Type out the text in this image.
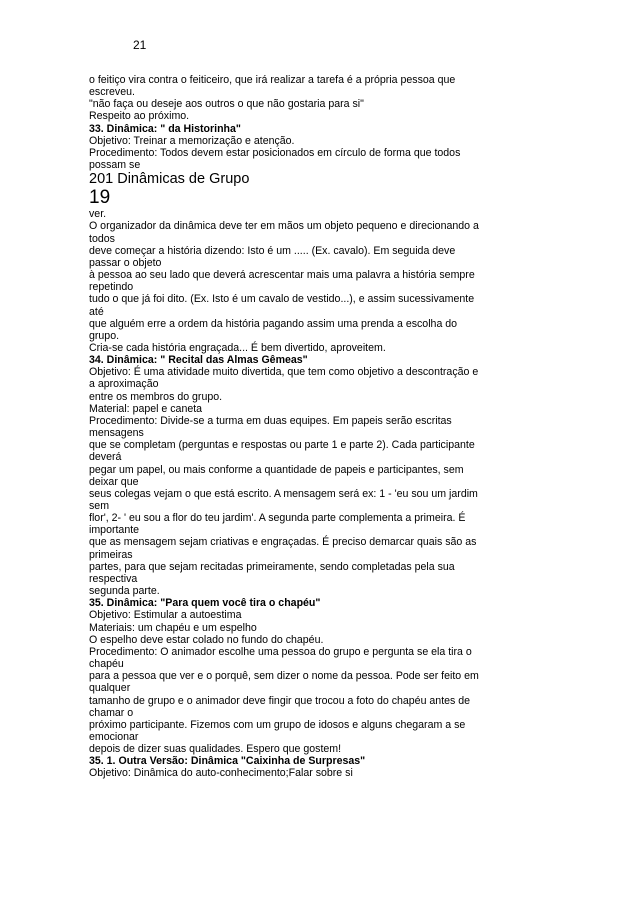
21
o feitiço vira contra o feiticeiro, que irá realizar a tarefa é a própria pessoa que
escreveu.
"não faça ou deseje aos outros o que não gostaria para si"
Respeito ao próximo.
33. Dinâmica: " da Historinha"
Objetivo: Treinar a memorização e atenção.
Procedimento: Todos devem estar posicionados em círculo de forma que todos
possam se
201 Dinâmicas de Grupo
19
ver.
O organizador da dinâmica deve ter em mãos um objeto pequeno e direcionando a
todos
deve começar a história dizendo: Isto é um ..... (Ex. cavalo). Em seguida deve
passar o objeto
à pessoa ao seu lado que deverá acrescentar mais uma palavra a história sempre
repetindo
tudo o que já foi dito. (Ex. Isto é um cavalo de vestido...), e assim sucessivamente
até
que alguém erre a ordem da história pagando assim uma prenda a escolha do
grupo.
Cria-se cada história engraçada... É bem divertido, aproveitem.
34. Dinâmica: " Recital das Almas Gêmeas"
Objetivo: É uma atividade muito divertida, que tem como objetivo a descontração e
a aproximação
entre os membros do grupo.
Material: papel e caneta
Procedimento: Divide-se a turma em duas equipes. Em papeis serão escritas
mensagens
que se completam (perguntas e respostas ou parte 1 e parte 2). Cada participante
deverá
pegar um papel, ou mais conforme a quantidade de papeis e participantes, sem
deixar que
seus colegas vejam o que está escrito. A mensagem será ex: 1 - 'eu sou um jardim
sem
flor', 2- ' eu sou a flor do teu jardim'. A segunda parte complementa a primeira. É
importante
que as mensagem sejam criativas e engraçadas. É preciso demarcar quais são as
primeiras
partes, para que sejam recitadas primeiramente, sendo completadas pela sua
respectiva
segunda parte.
35. Dinâmica: "Para quem você tira o chapéu"
Objetivo: Estimular a autoestima
Materiais: um chapéu e um espelho
O espelho deve estar colado no fundo do chapéu.
Procedimento: O animador escolhe uma pessoa do grupo e pergunta se ela tira o
chapéu
para a pessoa que ver e o porquê, sem dizer o nome da pessoa. Pode ser feito em
qualquer
tamanho de grupo e o animador deve fingir que trocou a foto do chapéu antes de
chamar o
próximo participante. Fizemos com um grupo de idosos e alguns chegaram a se
emocionar
depois de dizer suas qualidades. Espero que gostem!
35. 1. Outra Versão: Dinâmica "Caixinha de Surpresas"
Objetivo: Dinâmica do auto-conhecimento;Falar sobre si
